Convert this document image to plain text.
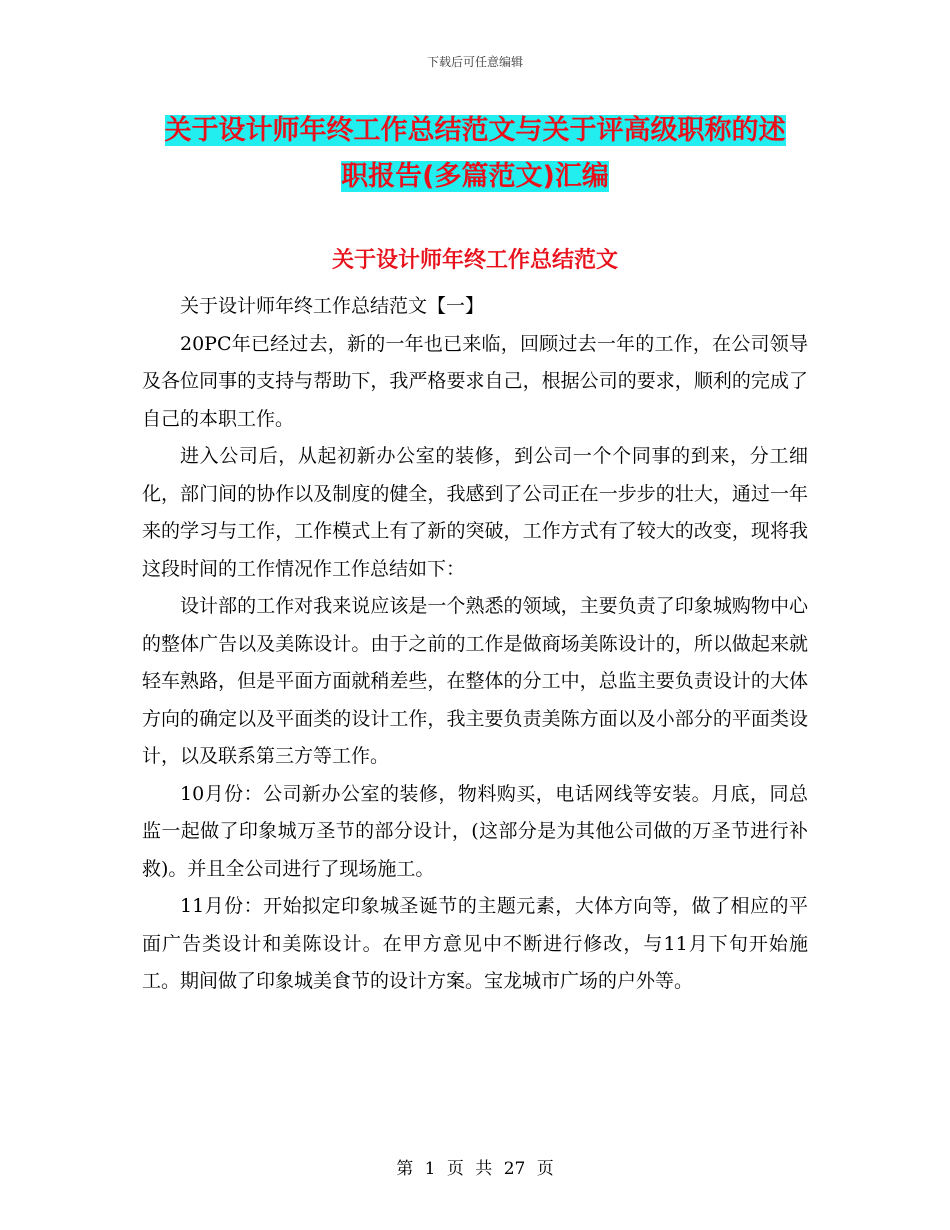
下载后可任意编辑
关于设计师年终工作总结范文与关于评高级职称的述
职报告(多篇范文)汇编
关于设计师年终工作总结范文

关于设计师年终工作总结范文【一】

20PC年已经过去，新的一年也已来临，回顾过去一年的工作，在公司领导及各位同事的支持与帮助下，我严格要求自己，根据公司的要求，顺利的完成了自己的本职工作。

进入公司后，从起初新办公室的装修，到公司一个个同事的到来，分工细化，部门间的协作以及制度的健全，我感到了公司正在一步步的壮大，通过一年来的学习与工作，工作模式上有了新的突破，工作方式有了较大的改变，现将我这段时间的工作情况作工作总结如下：

设计部的工作对我来说应该是一个熟悉的领域，主要负责了印象城购物中心的整体广告以及美陈设计。由于之前的工作是做商场美陈设计的，所以做起来就轻车熟路，但是平面方面就稍差些，在整体的分工中，总监主要负责设计的大体方向的确定以及平面类的设计工作，我主要负责美陈方面以及小部分的平面类设计，以及联系第三方等工作。

10月份：公司新办公室的装修，物料购买，电话网线等安装。月底，同总监一起做了印象城万圣节的部分设计，(这部分是为其他公司做的万圣节进行补救)。并且全公司进行了现场施工。

11月份：开始拟定印象城圣诞节的主题元素，大体方向等，做了相应的平面广告类设计和美陈设计。在甲方意见中不断进行修改，与11月下旬开始施工。期间做了印象城美食节的设计方案。宝龙城市广场的户外等。

第 1 页 共 27 页
